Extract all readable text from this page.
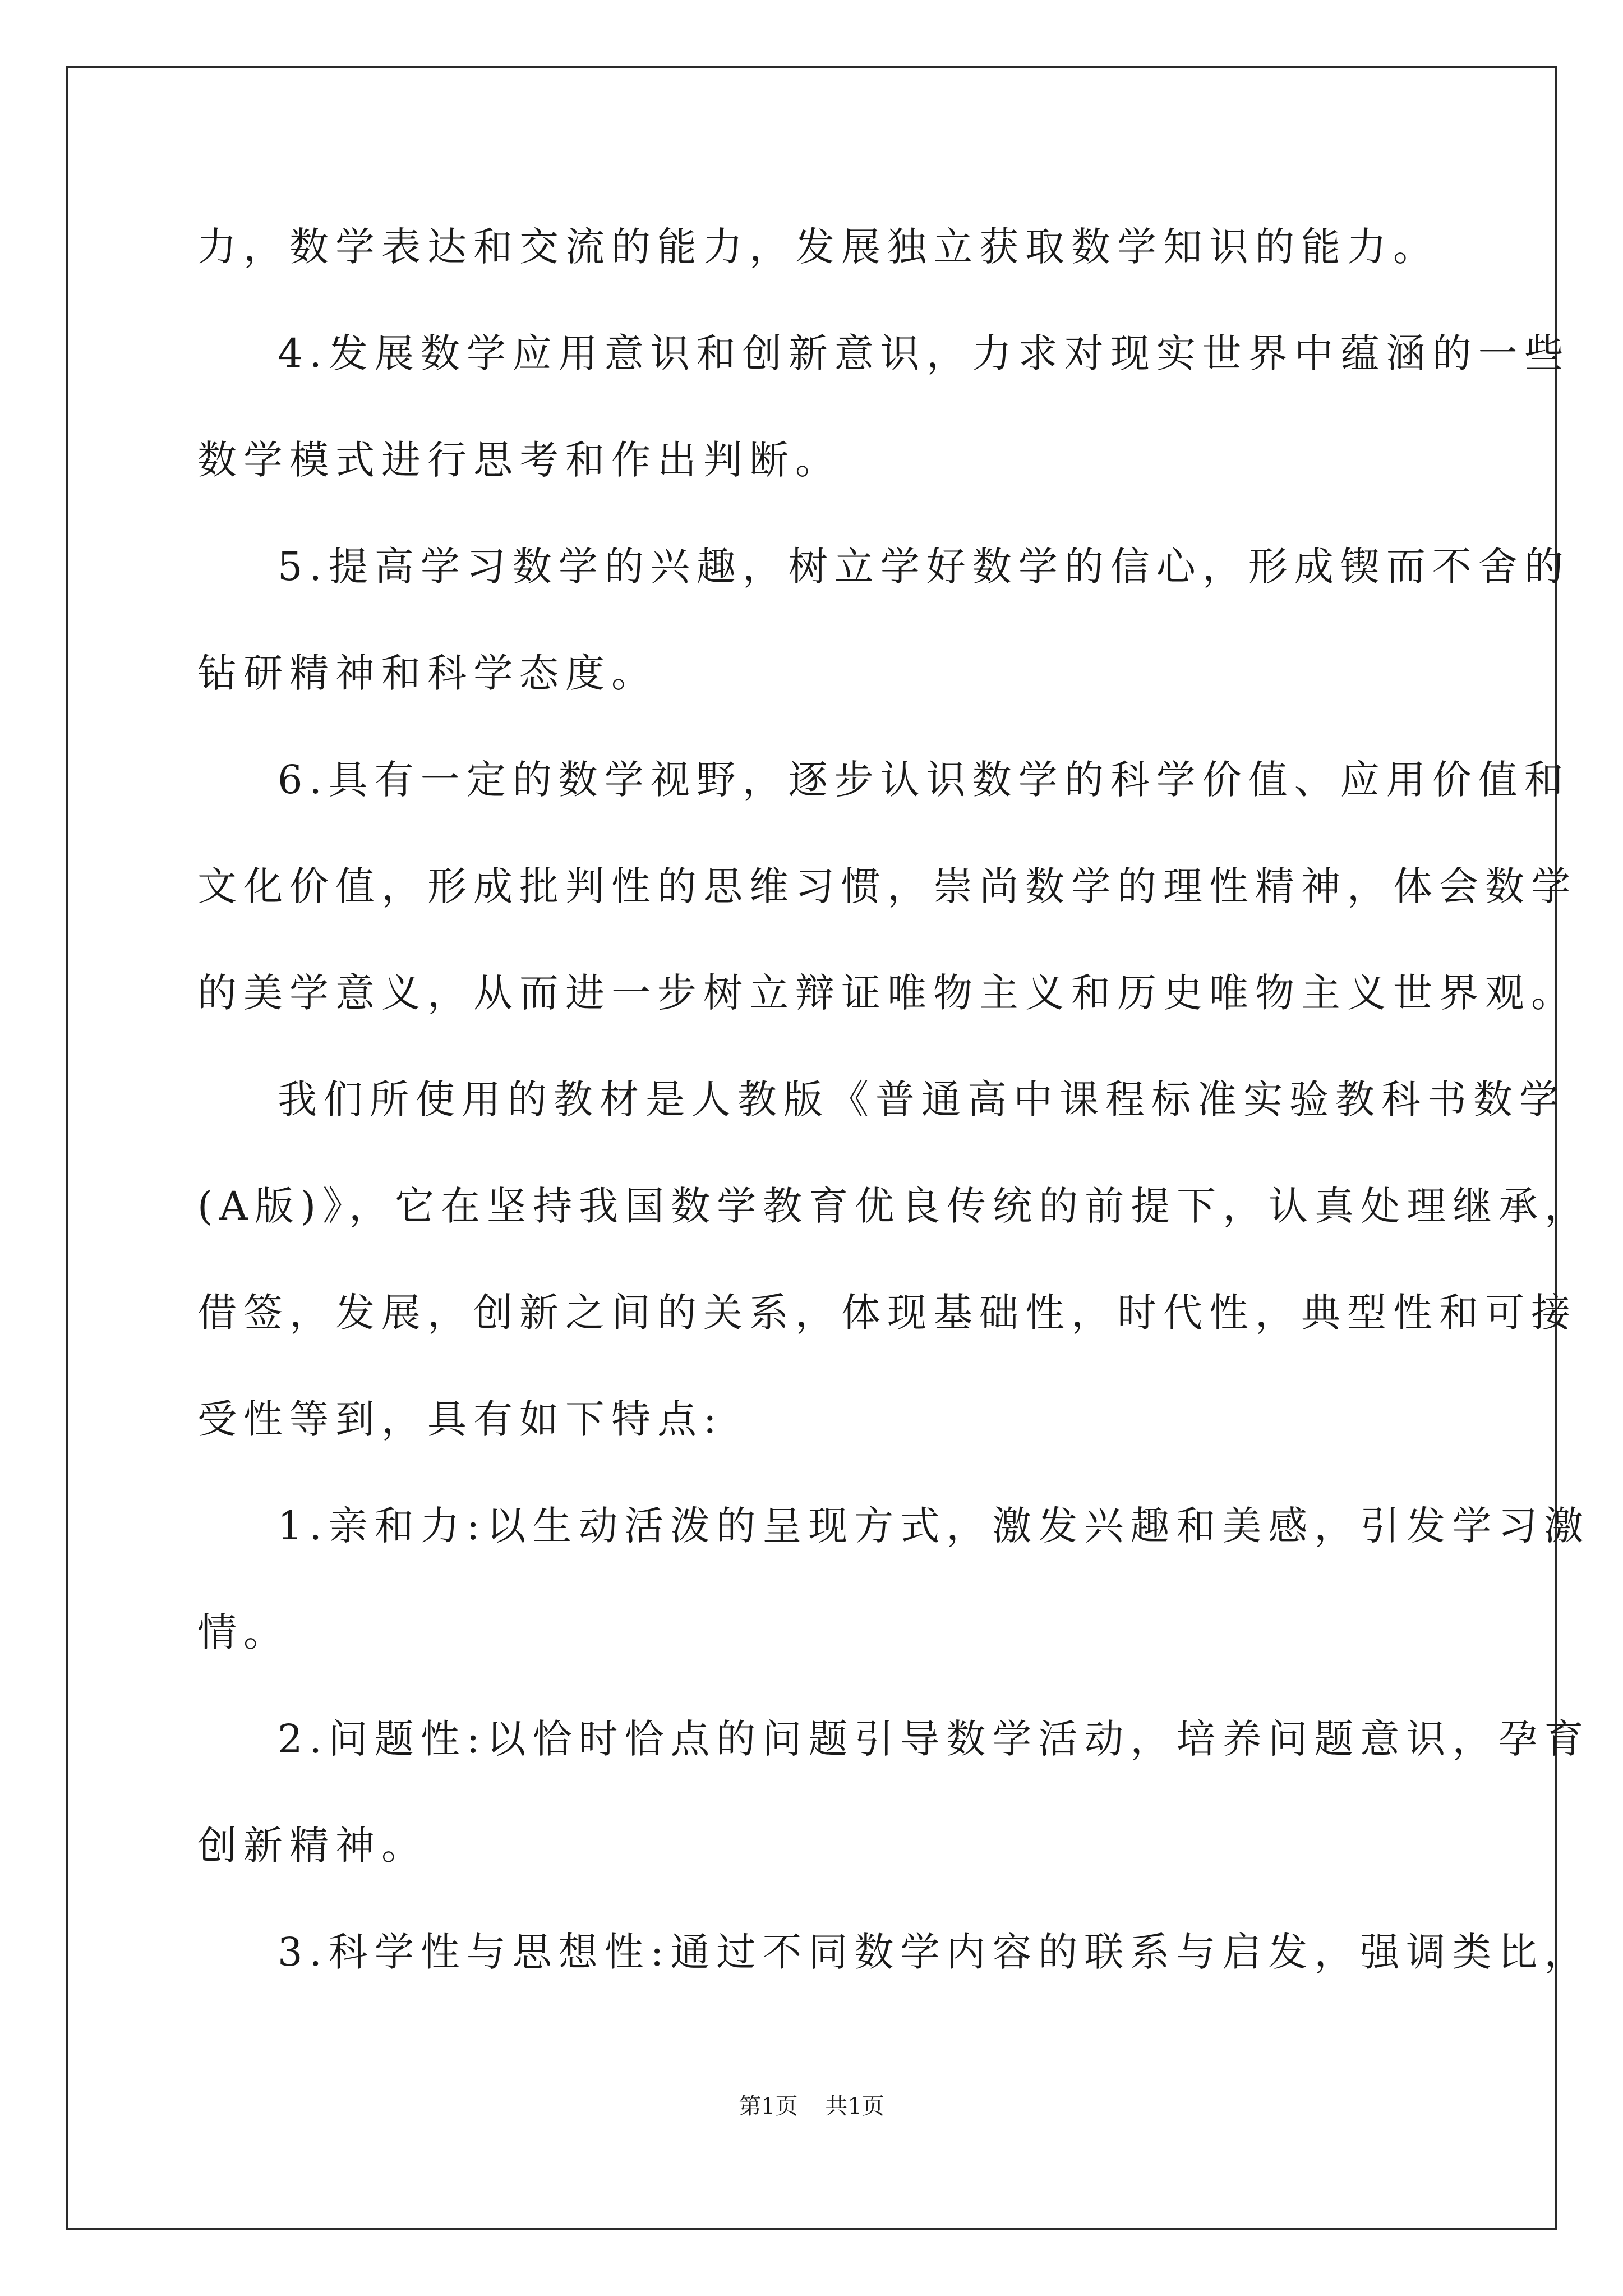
力，数学表达和交流的能力，发展独立获取数学知识的能力。
4.发展数学应用意识和创新意识，力求对现实世界中蕴涵的一些
数学模式进行思考和作出判断。
5.提高学习数学的兴趣，树立学好数学的信心，形成锲而不舍的
钻研精神和科学态度。
6.具有一定的数学视野，逐步认识数学的科学价值、应用价值和
文化价值，形成批判性的思维习惯，崇尚数学的理性精神，体会数学
的美学意义，从而进一步树立辩证唯物主义和历史唯物主义世界观。
我们所使用的教材是人教版《普通高中课程标准实验教科书数学
(A版)》，它在坚持我国数学教育优良传统的前提下，认真处理继承，
借签，发展，创新之间的关系，体现基础性，时代性，典型性和可接
受性等到，具有如下特点:
1.亲和力:以生动活泼的呈现方式，激发兴趣和美感，引发学习激
情。
2.问题性:以恰时恰点的问题引导数学活动，培养问题意识，孕育
创新精神。
3.科学性与思想性:通过不同数学内容的联系与启发，强调类比，
第1页 共1页
